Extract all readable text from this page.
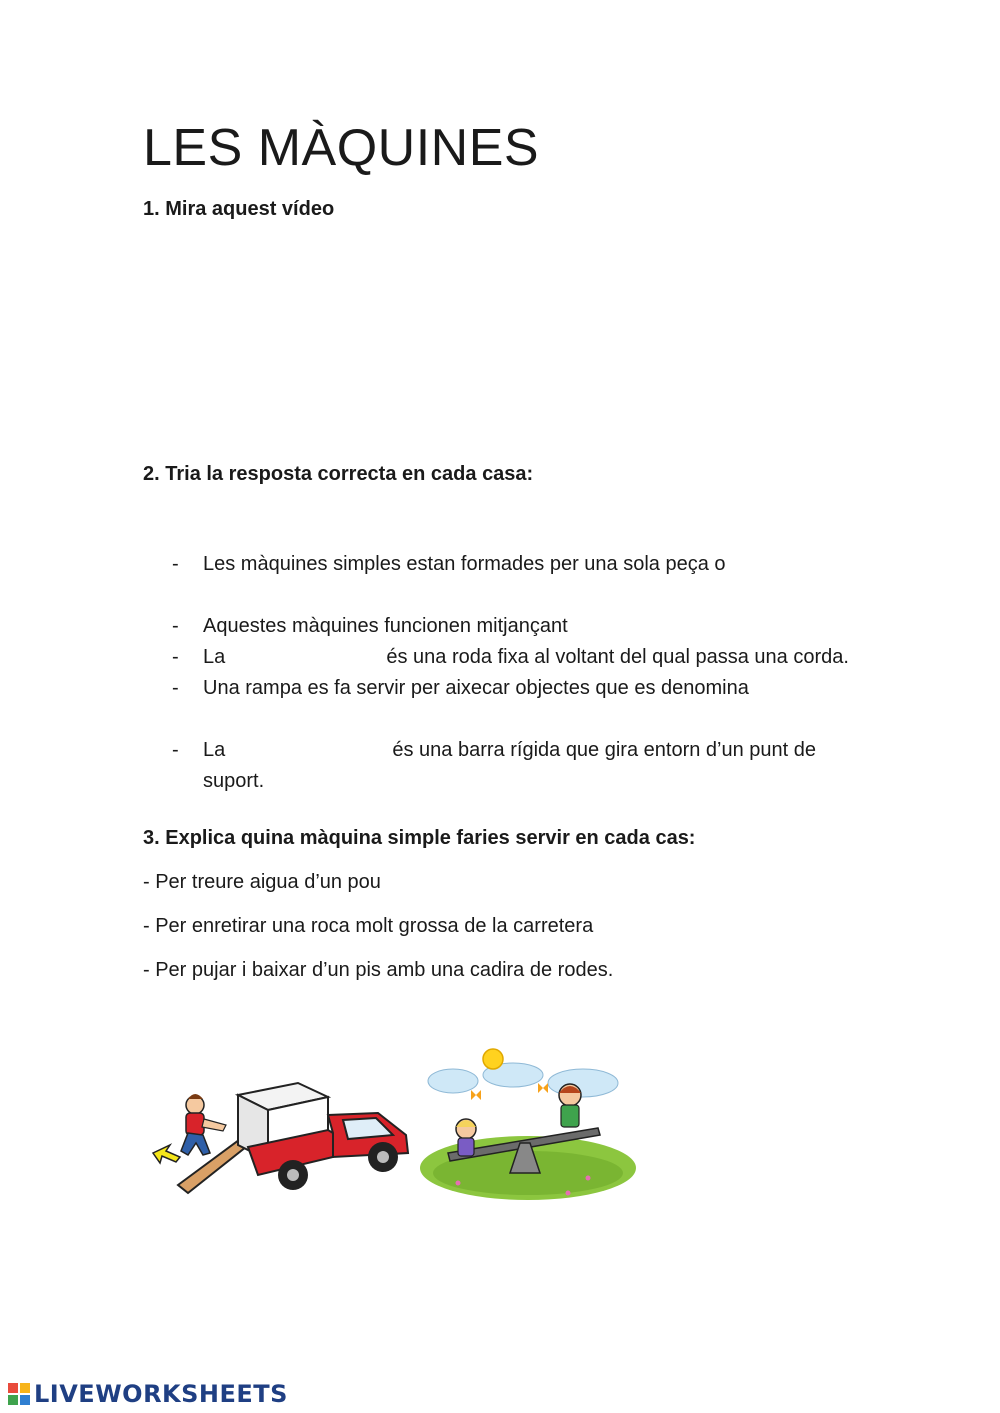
LES MÀQUINES

1. Mira aquest vídeo

2. Tria la resposta correcta en cada casa:

- Les màquines simples estan formades per una sola peça o
- Aquestes màquines funcionen mitjançant
- La	és una roda fixa al voltant del qual passa una corda.
- Una rampa es fa servir per aixecar objectes que es denomina
- La	és una barra rígida que gira entorn d’un punt de suport.

3. Explica quina màquina simple faries servir en cada cas:

- Per treure aigua d’un pou

- Per enretirar una roca molt grossa de la carretera

- Per pujar i baixar d’un pis amb una cadira de rodes.

LIVEWORKSHEETS
